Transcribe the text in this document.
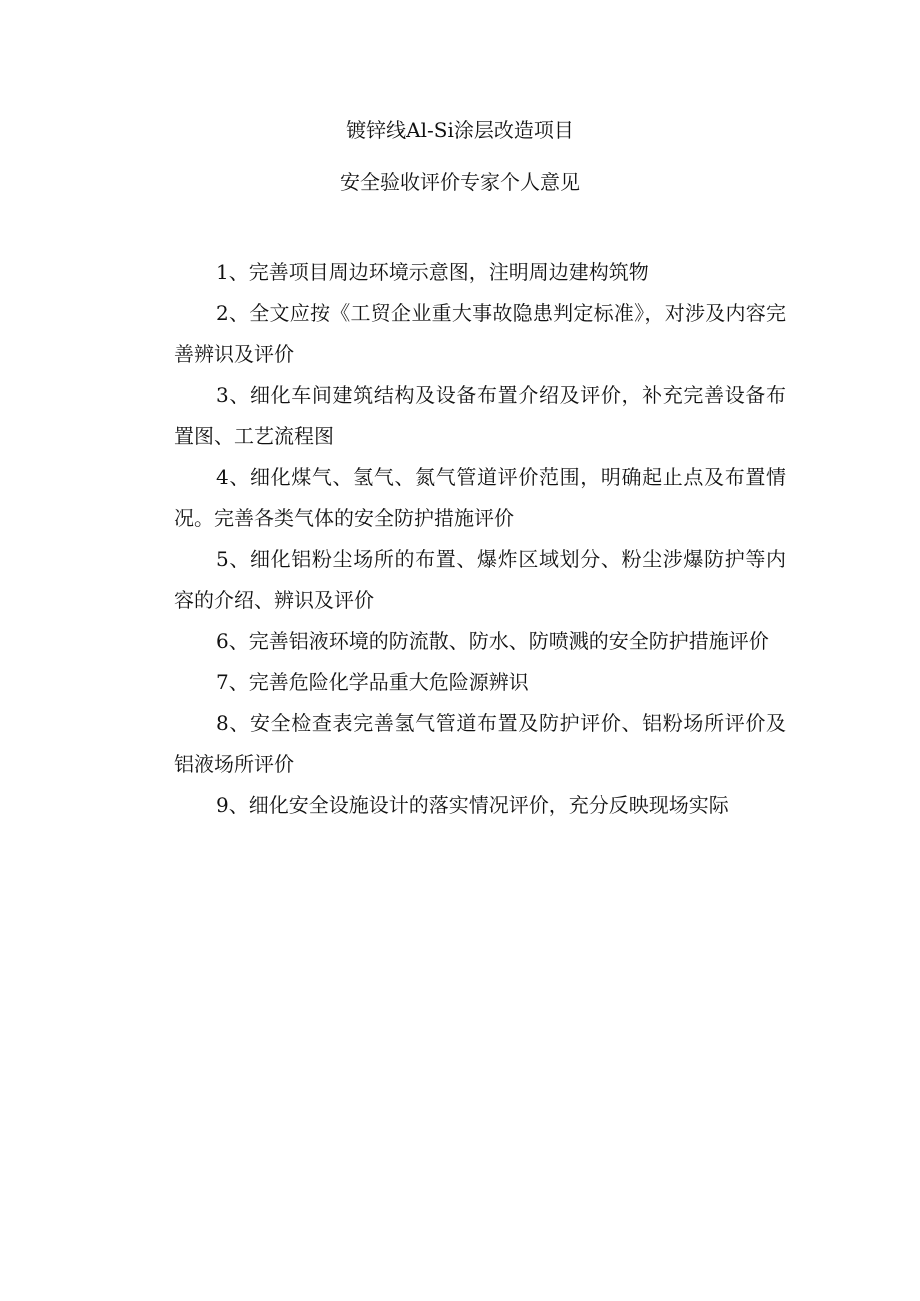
镀锌线Al-Si涂层改造项目
安全验收评价专家个人意见

1、完善项目周边环境示意图，注明周边建构筑物

2、全文应按《工贸企业重大事故隐患判定标准》，对涉及内容完善辨识及评价

3、细化车间建筑结构及设备布置介绍及评价，补充完善设备布置图、工艺流程图

4、细化煤气、氢气、氮气管道评价范围，明确起止点及布置情况。完善各类气体的安全防护措施评价

5、细化铝粉尘场所的布置、爆炸区域划分、粉尘涉爆防护等内容的介绍、辨识及评价

6、完善铝液环境的防流散、防水、防喷溅的安全防护措施评价

7、完善危险化学品重大危险源辨识

8、安全检查表完善氢气管道布置及防护评价、铝粉场所评价及铝液场所评价

9、细化安全设施设计的落实情况评价，充分反映现场实际
